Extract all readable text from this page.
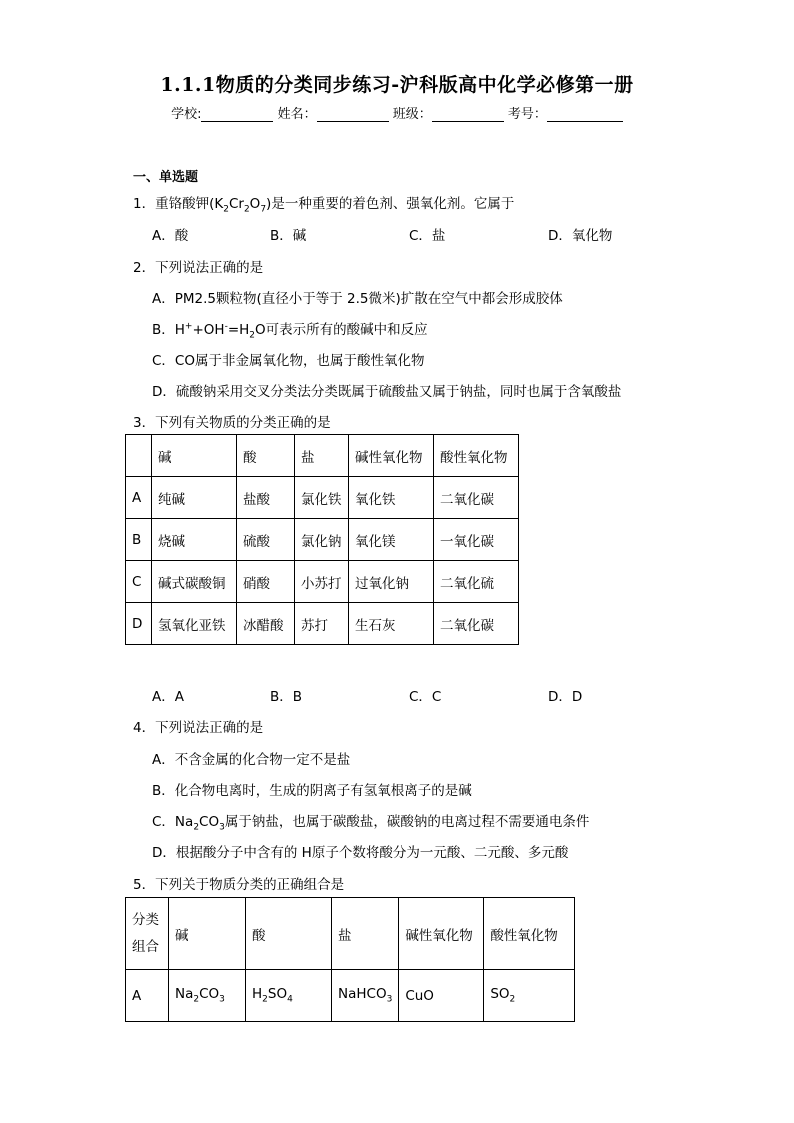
1.1.1物质的分类同步练习-沪科版高中化学必修第一册
学校:	姓名：	班级：	考号：
一、单选题
1．重铬酸钾$(K_2Cr_2O_7)$是一种重要的着色剂、强氧化剂。它属于
A．酸	B．碱	C．盐	D．氧化物
2．下列说法正确的是
A．PM2.5颗粒物(直径小于等于 2.5微米)扩散在空气中都会形成胶体
B．$H^++OH^-=H_2O$可表示所有的酸碱中和反应
C．CO属于非金属氧化物，也属于酸性氧化物
D．硫酸钠采用交叉分类法分类既属于硫酸盐又属于钠盐，同时也属于含氧酸盐
3．下列有关物质的分类正确的是
	碱	酸	盐	碱性氧化物	酸性氧化物
A	纯碱	盐酸	氯化铁	氧化铁	二氧化碳
B	烧碱	硫酸	氯化钠	氧化镁	一氧化碳
C	碱式碳酸铜	硝酸	小苏打	过氧化钠	二氧化硫
D	氢氧化亚铁	冰醋酸	苏打	生石灰	二氧化碳
A．A	B．B	C．C	D．D
4．下列说法正确的是
A．不含金属的化合物一定不是盐
B．化合物电离时，生成的阴离子有氢氧根离子的是碱
C．$Na_2CO_3$属于钠盐，也属于碳酸盐，碳酸钠的电离过程不需要通电条件
D．根据酸分子中含有的 H原子个数将酸分为一元酸、二元酸、多元酸
5．下列关于物质分类的正确组合是
分类
组合	碱	酸	盐	碱性氧化物	酸性氧化物
A	$Na_2CO_3$	$H_2SO_4$	NaHCO$_3$	CuO	$SO_2$
